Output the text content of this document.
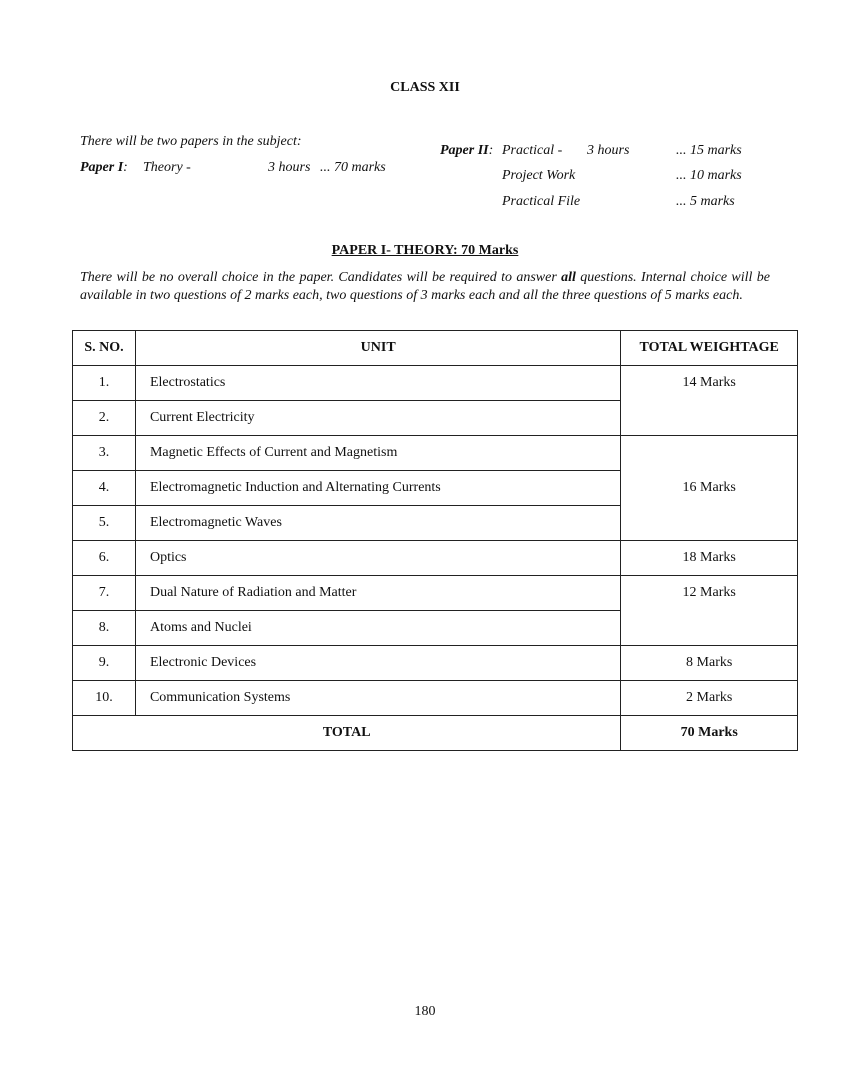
CLASS XII
There will be two papers in the subject:
Paper I: Theory -	3 hours ... 70 marks
Paper II: Practical - 3 hours	... 15 marks
Project Work	... 10 marks
Practical File	... 5 marks
PAPER I- THEORY: 70 Marks
There will be no overall choice in the paper. Candidates will be required to answer all questions. Internal choice will be available in two questions of 2 marks each, two questions of 3 marks each and all the three questions of 5 marks each.
S. NO.	UNIT	TOTAL WEIGHTAGE
1.	Electrostatics	14 Marks
2.	Current Electricity	
3.	Magnetic Effects of Current and Magnetism	16 Marks
4.	Electromagnetic Induction and Alternating Currents	
5.	Electromagnetic Waves	
6.	Optics	18 Marks
7.	Dual Nature of Radiation and Matter	12 Marks
8.	Atoms and Nuclei	
9.	Electronic Devices	8 Marks
10.	Communication Systems	2 Marks
TOTAL		70 Marks
180
